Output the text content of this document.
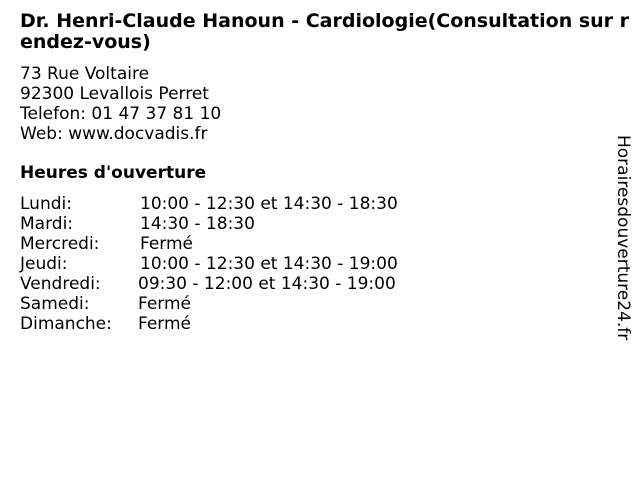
Dr. Henri-Claude Hanoun - Cardiologie(Consultation sur rendez-vous)
73 Rue Voltaire
92300 Levallois Perret
Telefon: 01 47 37 81 10
Web: www.docvadis.fr
Heures d'ouverture
Lundi:	10:00 - 12:30 et 14:30 - 18:30
Mardi:	14:30 - 18:30
Mercredi: Fermé
Jeudi:	10:00 - 12:30 et 14:30 - 19:00
Vendredi: 09:30 - 12:00 et 14:30 - 19:00
Samedi:	Fermé
Dimanche: Fermé	Horairesdouverture24.fr
